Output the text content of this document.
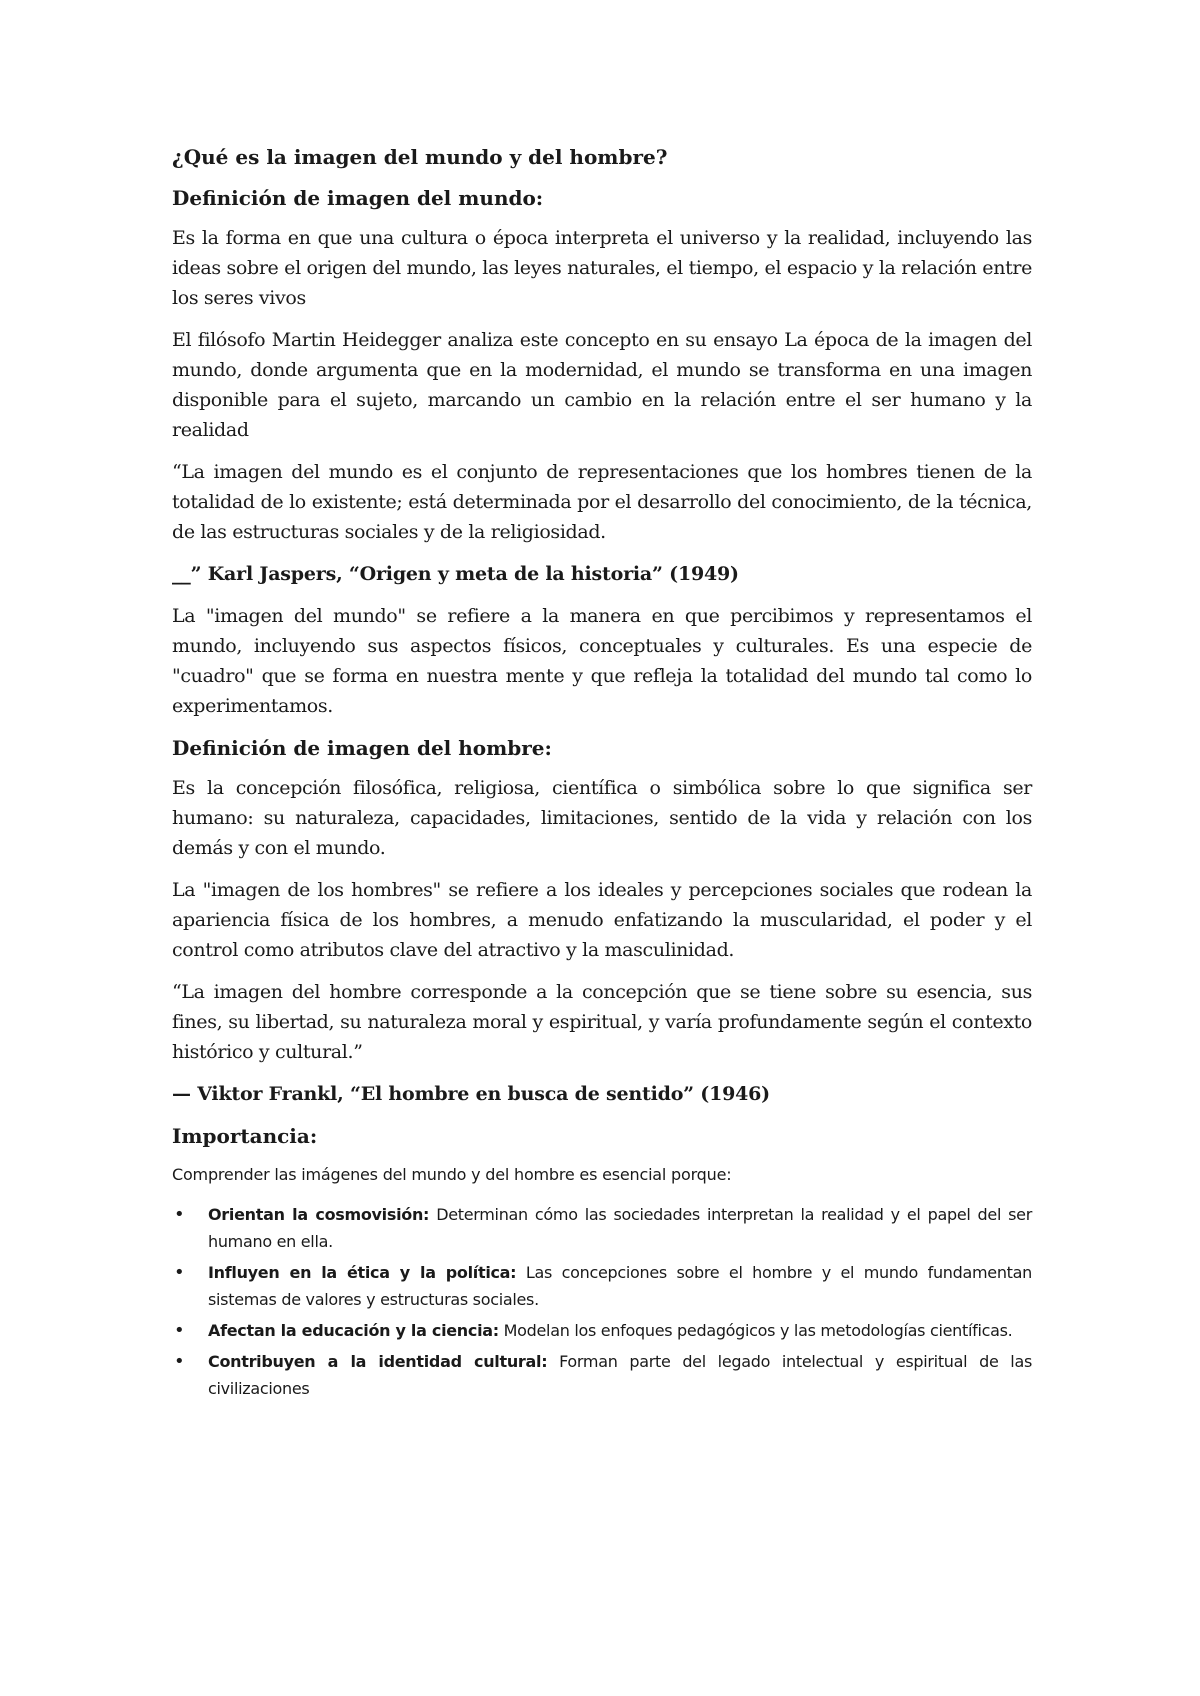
¿Qué es la imagen del mundo y del hombre?
Definición de imagen del mundo:

Es la forma en que una cultura o época interpreta el universo y la realidad, incluyendo las ideas sobre el origen del mundo, las leyes naturales, el tiempo, el espacio y la relación entre los seres vivos

El filósofo Martin Heidegger analiza este concepto en su ensayo La época de la imagen del mundo, donde argumenta que en la modernidad, el mundo se transforma en una imagen disponible para el sujeto, marcando un cambio en la relación entre el ser humano y la realidad

“La imagen del mundo es el conjunto de representaciones que los hombres tienen de la totalidad de lo existente; está determinada por el desarrollo del conocimiento, de la técnica, de las estructuras sociales y de la religiosidad.

__” Karl Jaspers, “Origen y meta de la historia” (1949)

La "imagen del mundo" se refiere a la manera en que percibimos y representamos el mundo, incluyendo sus aspectos físicos, conceptuales y culturales. Es una especie de "cuadro" que se forma en nuestra mente y que refleja la totalidad del mundo tal como lo experimentamos.

Definición de imagen del hombre:

Es la concepción filosófica, religiosa, científica o simbólica sobre lo que significa ser humano: su naturaleza, capacidades, limitaciones, sentido de la vida y relación con los demás y con el mundo.

La "imagen de los hombres" se refiere a los ideales y percepciones sociales que rodean la apariencia física de los hombres, a menudo enfatizando la muscularidad, el poder y el control como atributos clave del atractivo y la masculinidad.

“La imagen del hombre corresponde a la concepción que se tiene sobre su esencia, sus fines, su libertad, su naturaleza moral y espiritual, y varía profundamente según el contexto histórico y cultural.”

— Viktor Frankl, “El hombre en busca de sentido” (1946)
Importancia:
Comprender las imágenes del mundo y del hombre es esencial porque:
• Orientan la cosmovisión: Determinan cómo las sociedades interpretan la realidad y el papel del ser humano en ella.
• Influyen en la ética y la política: Las concepciones sobre el hombre y el mundo fundamentan sistemas de valores y estructuras sociales.
• Afectan la educación y la ciencia: Modelan los enfoques pedagógicos y las metodologías científicas.
• Contribuyen a la identidad cultural: Forman parte del legado intelectual y espiritual de las civilizaciones
